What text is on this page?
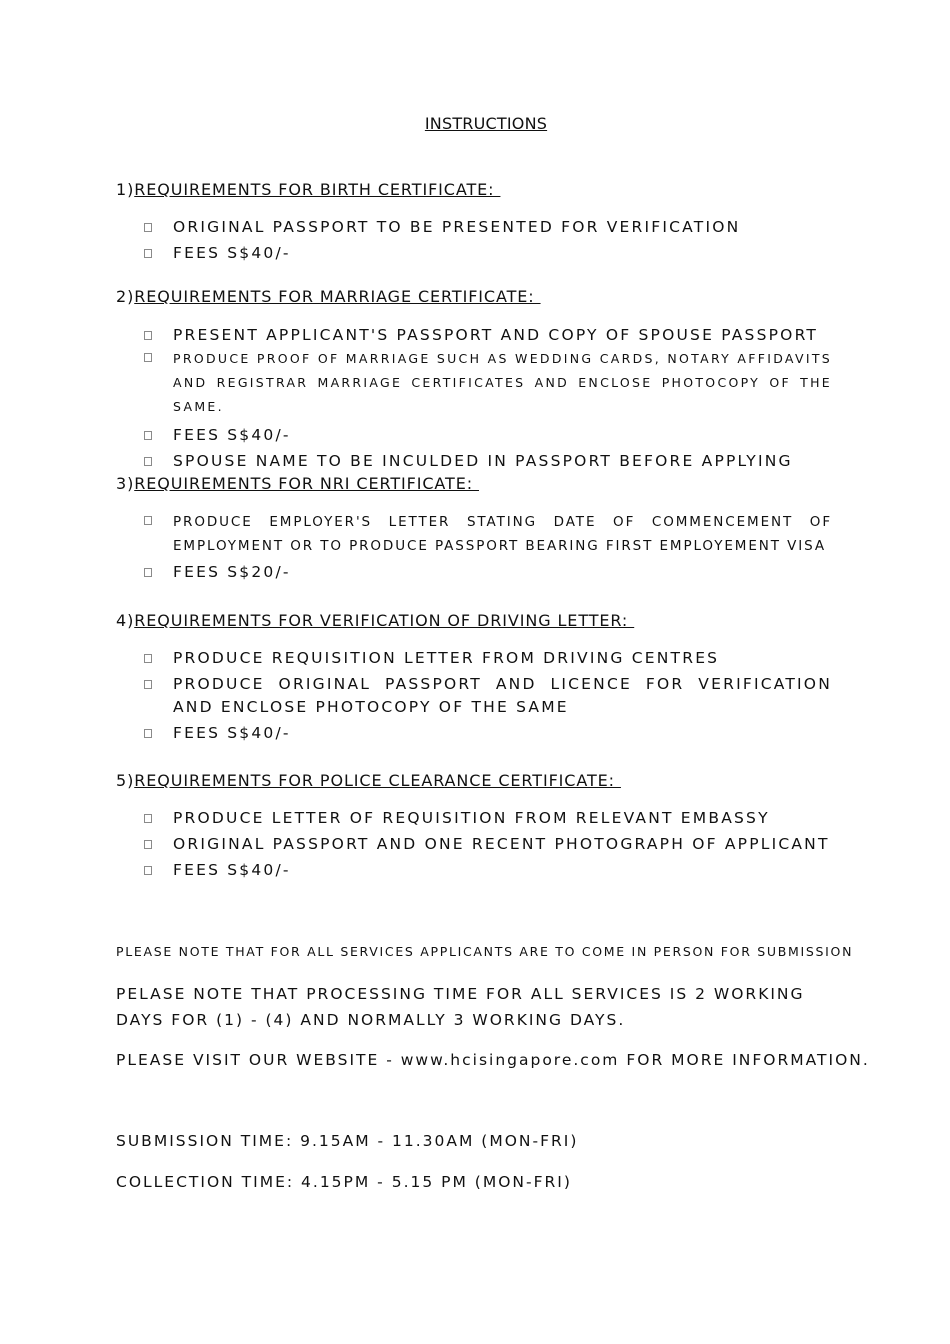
INSTRUCTIONS
1)REQUIREMENTS FOR BIRTH CERTIFICATE:
ORIGINAL PASSPORT TO BE PRESENTED FOR VERIFICATION
FEES S$40/-
2)REQUIREMENTS FOR MARRIAGE CERTIFICATE:
PRESENT APPLICANT'S PASSPORT AND COPY OF SPOUSE PASSPORT
PRODUCE PROOF OF MARRIAGE SUCH AS WEDDING CARDS, NOTARY AFFIDAVITS AND REGISTRAR MARRIAGE CERTIFICATES AND ENCLOSE PHOTOCOPY OF THE SAME.
FEES S$40/-
SPOUSE NAME TO BE INCULDED IN PASSPORT BEFORE APPLYING
3)REQUIREMENTS FOR NRI CERTIFICATE:
PRODUCE EMPLOYER'S LETTER STATING DATE OF COMMENCEMENT OF EMPLOYMENT OR TO PRODUCE PASSPORT BEARING FIRST EMPLOYEMENT VISA
FEES S$20/-
4)REQUIREMENTS FOR VERIFICATION OF DRIVING LETTER:
PRODUCE REQUISITION LETTER FROM DRIVING CENTRES
PRODUCE ORIGINAL PASSPORT AND LICENCE FOR VERIFICATION AND ENCLOSE PHOTOCOPY OF THE SAME
FEES S$40/-
5)REQUIREMENTS FOR POLICE CLEARANCE CERTIFICATE:
PRODUCE LETTER OF REQUISITION FROM RELEVANT EMBASSY
ORIGINAL PASSPORT AND ONE RECENT PHOTOGRAPH OF APPLICANT
FEES S$40/-
PLEASE NOTE THAT FOR ALL SERVICES APPLICANTS ARE TO COME IN PERSON FOR SUBMISSION
PELASE NOTE THAT PROCESSING TIME FOR ALL SERVICES IS 2 WORKING
DAYS FOR (1) - (4) AND NORMALLY 3 WORKING DAYS.
PLEASE VISIT OUR WEBSITE - www.hcisingapore.com FOR MORE INFORMATION.
SUBMISSION TIME: 9.15AM - 11.30AM (MON-FRI)
COLLECTION TIME: 4.15PM - 5.15 PM (MON-FRI)
